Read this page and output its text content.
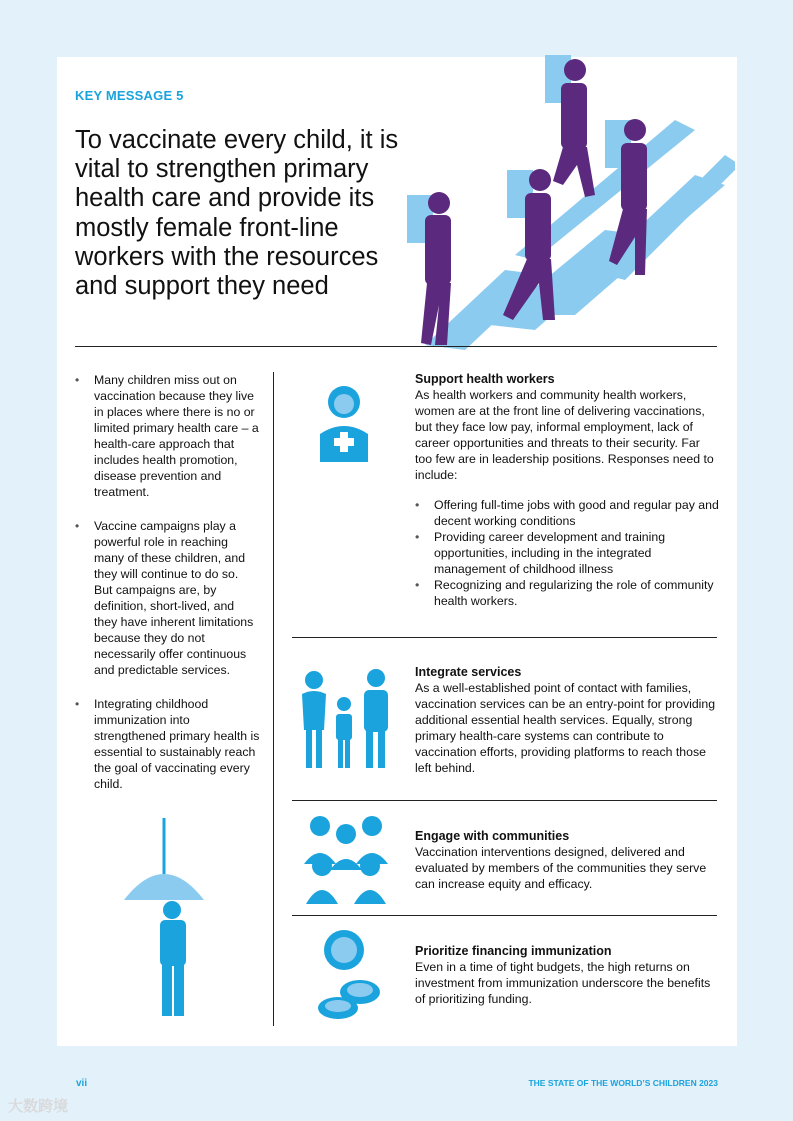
KEY MESSAGE 5
To vaccinate every child, it is vital to strengthen primary health care and provide its mostly female front-line workers with the resources and support they need
• Many children miss out on vaccination because they live in places where there is no or limited primary health care – a health-care approach that includes health promotion, disease prevention and treatment.
• Vaccine campaigns play a powerful role in reaching many of these children, and they will continue to do so. But campaigns are, by definition, short-lived, and they have inherent limitations because they do not necessarily offer continuous and predictable services.
• Integrating childhood immunization into strengthened primary health is essential to sustainably reach the goal of vaccinating every child.
Support health workers

As health workers and community health workers, women are at the front line of delivering vaccinations, but they face low pay, informal employment, lack of career opportunities and threats to their security. Far too few are in leadership positions. Responses need to include:

• Offering full-time jobs with good and regular pay and decent working conditions
• Providing career development and training opportunities, including in the integrated management of childhood illness
• Recognizing and regularizing the role of community health workers.
Integrate services

As a well-established point of contact with families, vaccination services can be an entry-point for providing additional essential health services. Equally, strong primary health-care systems can contribute to vaccination efforts, providing platforms to reach those left behind.

Engage with communities

Vaccination interventions designed, delivered and evaluated by members of the communities they serve can increase equity and efficacy.

Prioritize financing immunization

Even in a time of tight budgets, the high returns on investment from immunization underscore the benefits of prioritizing funding.

vii	THE STATE OF THE WORLD’S CHILDREN 2023
大数跨境
